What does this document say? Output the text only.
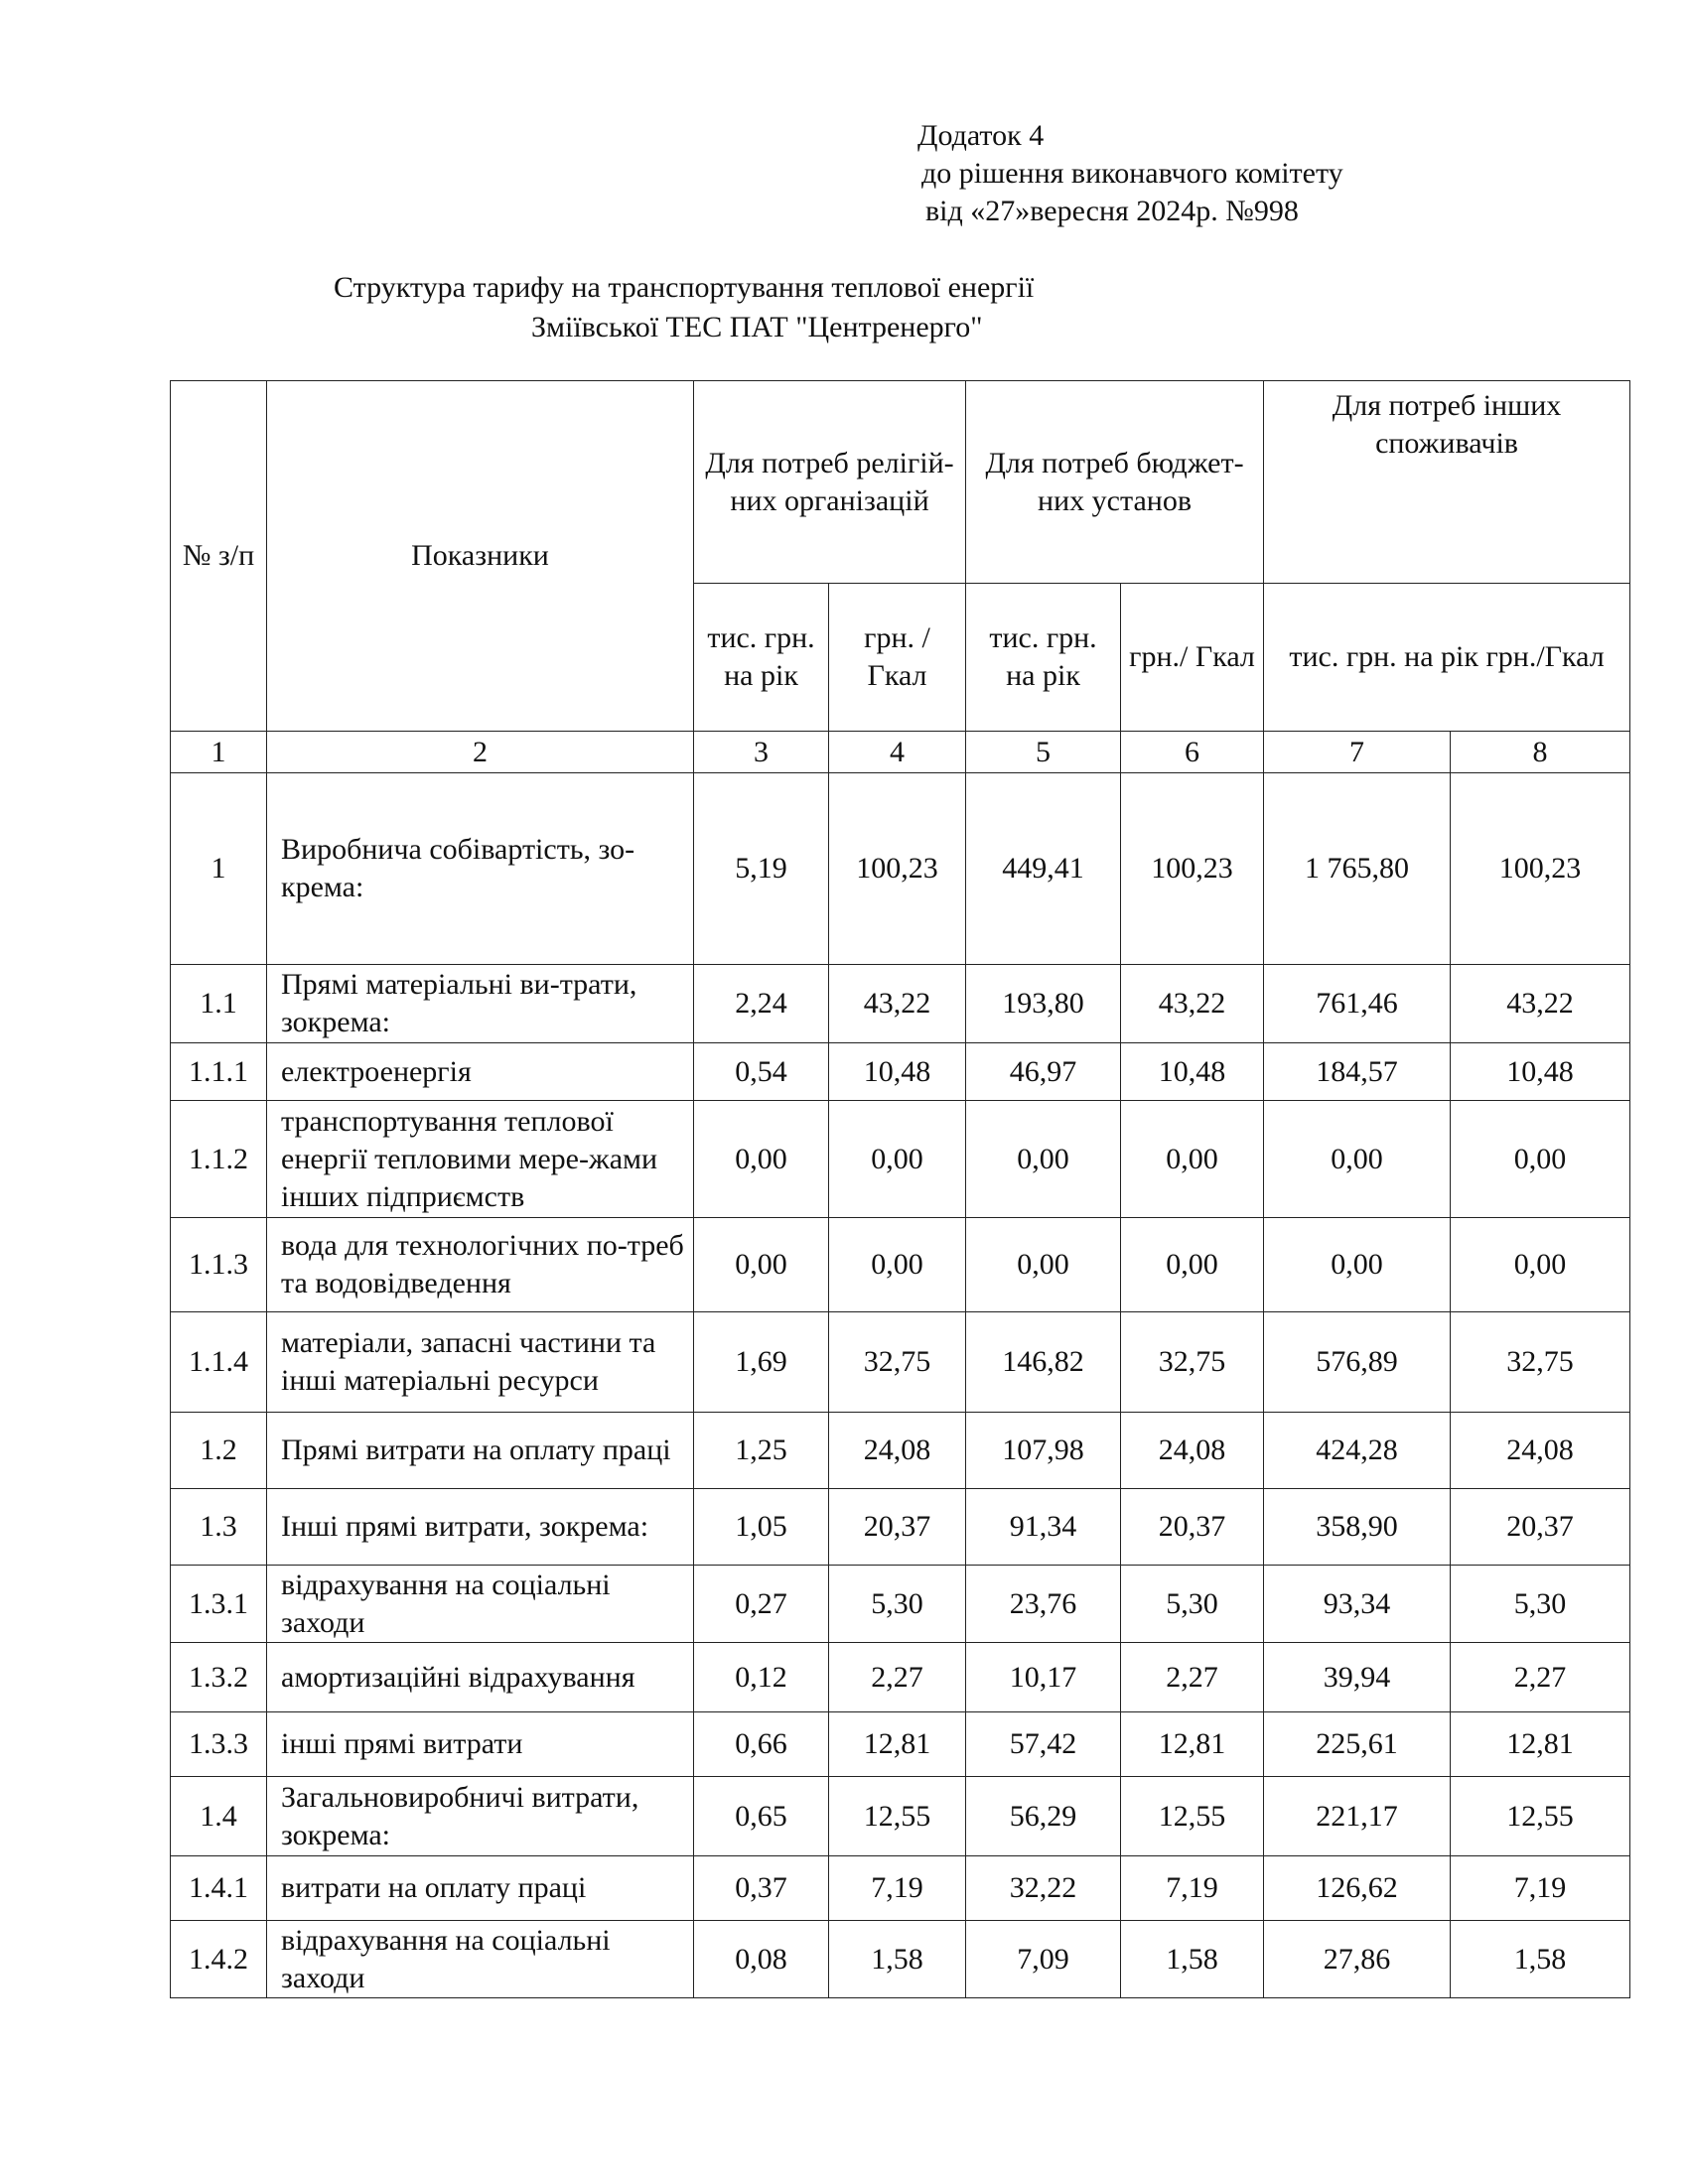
Додаток 4
до рішення виконавчого комітету
від «27»вересня 2024р. №998
Структура тарифу на транспортування теплової енергії
Зміївської ТЕС ПАТ "Центренерго"
№ з/п	Показники	Для потреб релігій-них організацій		Для потреб бюджет-них установ		Для потреб інших споживачів	
		тис. грн. на рік	грн. /Гкал	тис. грн. на рік	грн./ Гкал	тис. грн. на рік грн./Гкал	
1	2	3	4	5	6	7	8
1	Виробнича собівартість, зо-крема:	5,19	100,23	449,41	100,23	1 765,80	100,23
1.1	Прямі матеріальні ви-трати, зокрема:	2,24	43,22	193,80	43,22	761,46	43,22
1.1.1	електроенергія	0,54	10,48	46,97	10,48	184,57	10,48
1.1.2	транспортування теплової енергії тепловими мере-жами інших підприємств	0,00	0,00	0,00	0,00	0,00	0,00
1.1.3	вода для технологічних по-треб та водовідведення	0,00	0,00	0,00	0,00	0,00	0,00
1.1.4	матеріали, запасні частини та інші матеріальні ресурси	1,69	32,75	146,82	32,75	576,89	32,75
1.2	Прямі витрати на оплату праці	1,25	24,08	107,98	24,08	424,28	24,08
1.3	Інші прямі витрати, зокрема:	1,05	20,37	91,34	20,37	358,90	20,37
1.3.1	відрахування на соціальні заходи	0,27	5,30	23,76	5,30	93,34	5,30
1.3.2	амортизаційні відрахування	0,12	2,27	10,17	2,27	39,94	2,27
1.3.3	інші прямі витрати	0,66	12,81	57,42	12,81	225,61	12,81
1.4	Загальновиробничі витрати, зокрема:	0,65	12,55	56,29	12,55	221,17	12,55
1.4.1	витрати на оплату праці	0,37	7,19	32,22	7,19	126,62	7,19
1.4.2	відрахування на соціальні заходи	0,08	1,58	7,09	1,58	27,86	1,58
